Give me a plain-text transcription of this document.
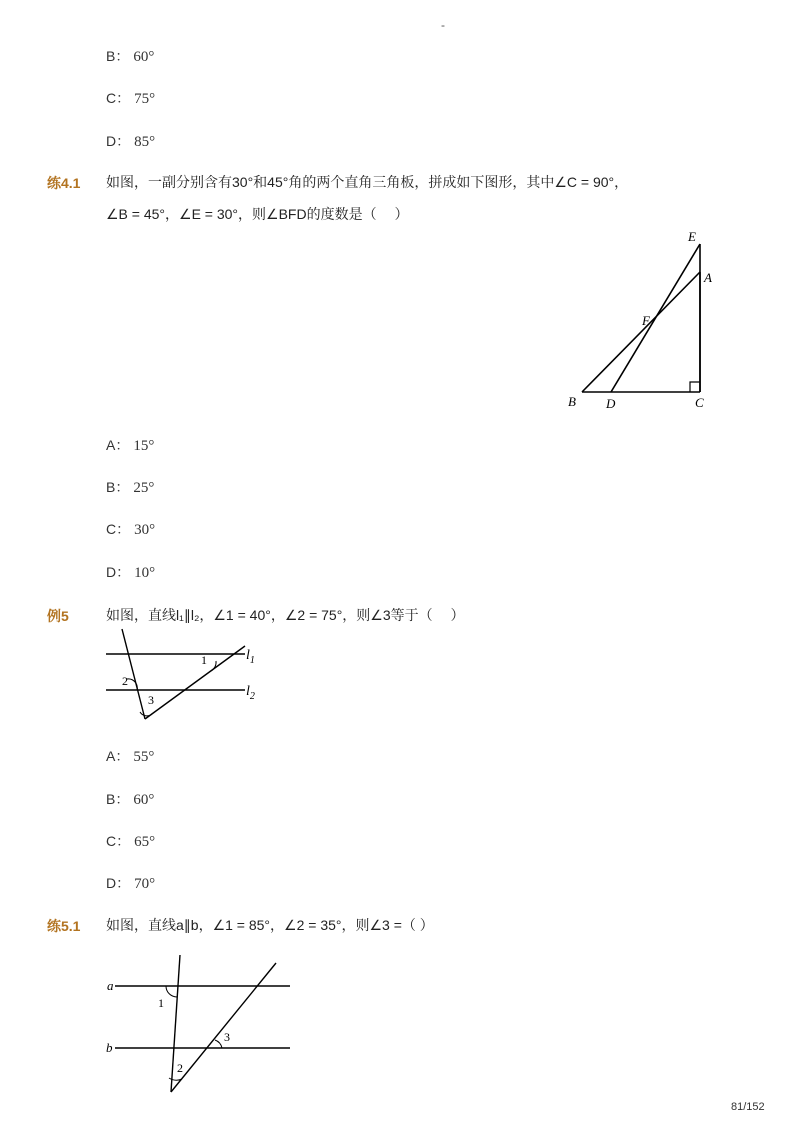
-
B： 60°
C： 75°
D： 85°
练4.1 如图，一副分别含有30°和45°角的两个直角三角板，拼成如下图形，其中∠C = 90°，
∠B = 45°，∠E = 30°，则∠BFD的度数是（　 ）
E
A
F
B D	C
A： 15°
B： 25°
C： 30°
D： 10°
例5	如图，直线l₁∥l₂，∠1 = 40°，∠2 = 75°，则∠3等于（　 ）
$l_1$
$l_2$
1
2
3
A： 55°
B： 60°
C： 65°
D： 70°
练5.1 如图，直线a∥b，∠1 = 85°，∠2 = 35°，则∠3 =（ ）
a
b
1
2
3
81/152
